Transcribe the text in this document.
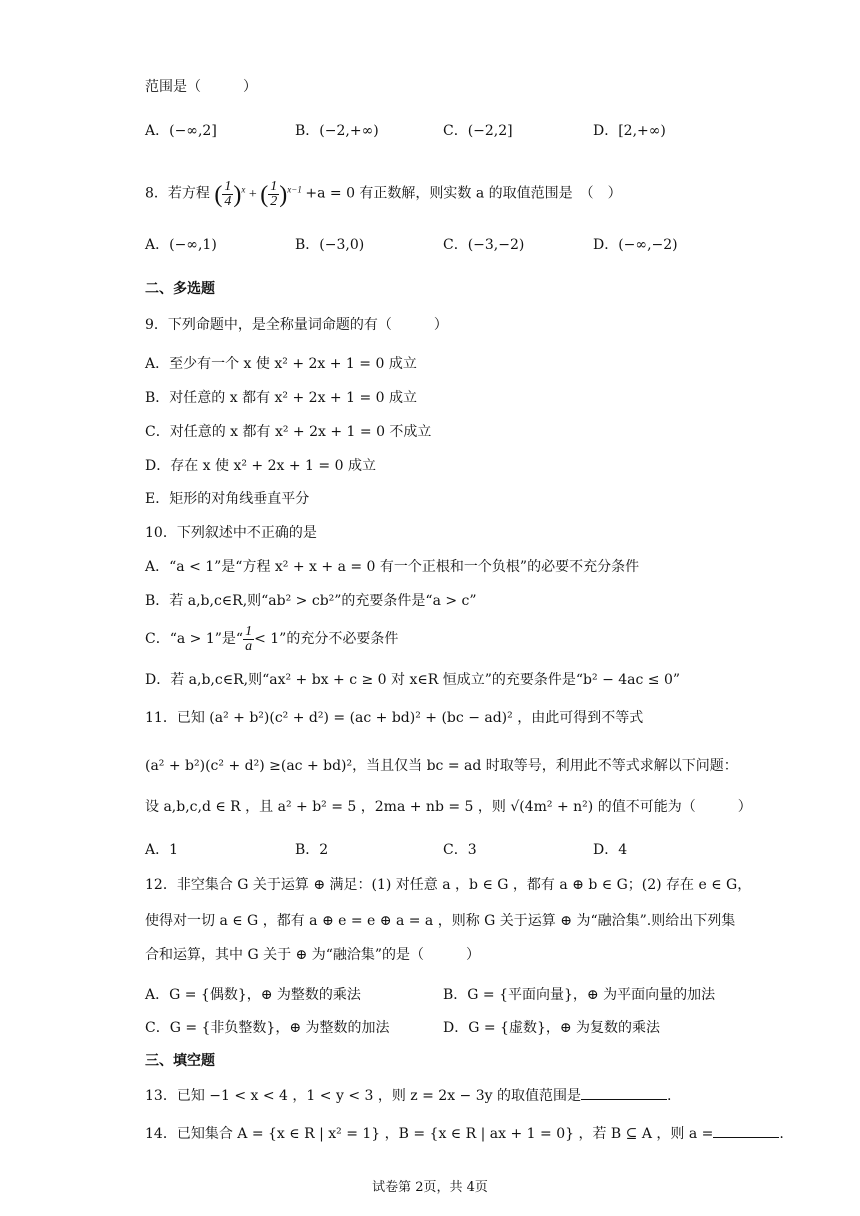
范围是（　　　）
A．(−∞,2]	B．(−2,+∞)	C．(−2,2]	D．[2,+∞)
8．若方程 ( $\frac{1}{4} )^x$ + ( $\frac{1}{2} )^{x-1} +a = 0$ 有正数解，则实数 a 的取值范围是　（　）
A．(−∞,1)	B．(−3,0)	C．(−3,−2)	D．(−∞,−2)
二、多选题
9．下列命题中，是全称量词命题的有（　　　）
A．至少有一个 x 使 x² + 2x + 1 = 0 成立
B．对任意的 x 都有 x² + 2x + 1 = 0 成立
C．对任意的 x 都有 x² + 2x + 1 = 0 不成立
D．存在 x 使 x² + 2x + 1 = 0 成立
E．矩形的对角线垂直平分
10．下列叙述中不正确的是
A．“a < 1”是“方程 x² + x + a = 0 有一个正根和一个负根”的必要不充分条件
B．若 a,b,c∈R,则“ab² > cb²”的充要条件是“a > c”
C．“a > 1”是“ $\frac{1}{a} < 1$”的充分不必要条件
D．若 a,b,c∈R,则“ax² + bx + c ≥ 0 对 x∈R 恒成立”的充要条件是“b² − 4ac ≤ 0”
11．已知 (a² + b²)(c² + d²) = (ac + bd)² + (bc − ad)² ，由此可得到不等式
(a² + b²)(c² + d²) ≥(ac + bd)²，当且仅当 bc = ad 时取等号，利用此不等式求解以下问题：
设 a,b,c,d ∈ R ，且 a² + b² = 5 ，2ma + nb = 5 ，则 √(4m² + n²) 的值不可能为（　　　）
A．1	B．2	C．3	D．4
12．非空集合 G 关于运算 ⊕ 满足：(1) 对任意 a ，b ∈ G ，都有 a ⊕ b ∈ G；(2) 存在 e ∈ G，
使得对一切 a ∈ G ，都有 a ⊕ e = e ⊕ a = a ，则称 G 关于运算 ⊕ 为“融洽集”.则给出下列集
合和运算，其中 G 关于 ⊕ 为“融洽集”的是（　　　）
A．G = {偶数}，⊕ 为整数的乘法	B．G = {平面向量}，⊕ 为平面向量的加法
C．G = {非负整数}，⊕ 为整数的加法	D．G = {虚数}，⊕ 为复数的乘法
三、填空题
13．已知 −1 < x < 4 ，1 < y < 3 ，则 z = 2x − 3y 的取值范围是	.
14．已知集合 A = {x ∈ R | x² = 1} ，B = {x ∈ R | ax + 1 = 0} ，若 B ⊆ A ，则 a =	.
试卷第 2页，共 4页
